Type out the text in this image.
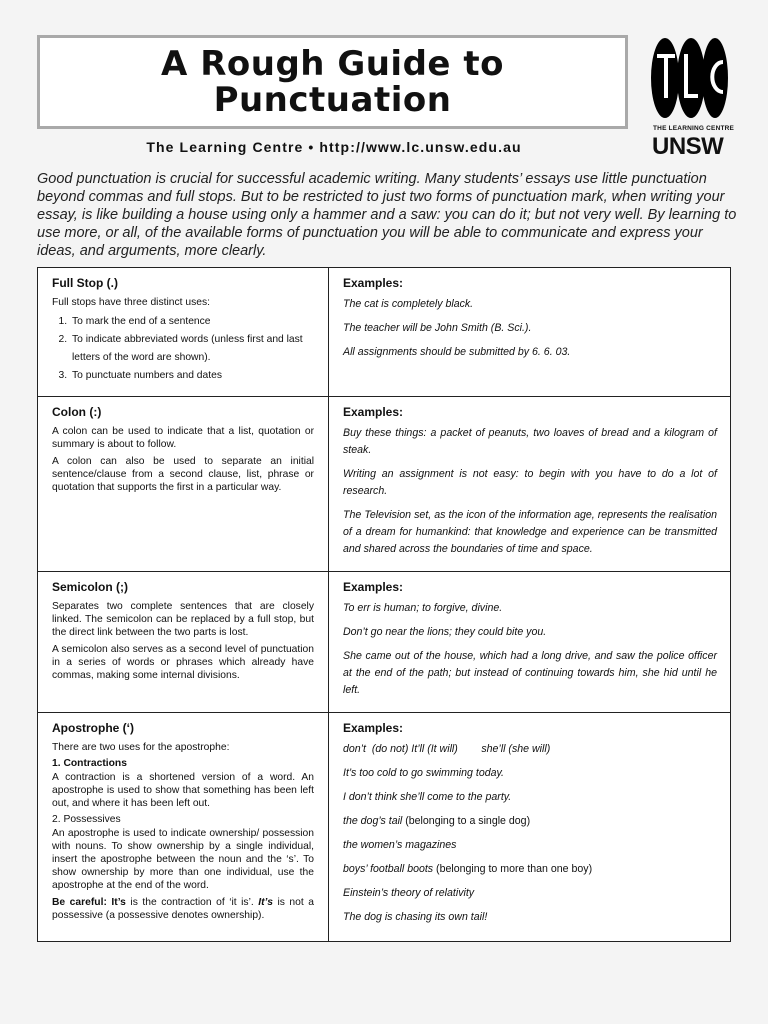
A Rough Guide to
Punctuation
THE LEARNING CENTRE
UNSW
The Learning Centre • http://www.lc.unsw.edu.au
Good punctuation is crucial for successful academic writing. Many students’ essays use little punctuation beyond commas and full stops. But to be restricted to just two forms of punctuation mark, when writing your essay, is like building a house using only a hammer and a saw: you can do it; but not very well. By learning to use more, or all, of the available forms of punctuation you will be able to communicate and express your ideas, and arguments, more clearly.
Full Stop (.)
Full stops have three distinct uses:
1. To mark the end of a sentence
2. To indicate abbreviated words (unless first and last letters of the word are shown).
3. To punctuate numbers and dates
Examples:
The cat is completely black.
The teacher will be John Smith (B. Sci.).
All assignments should be submitted by 6. 6. 03.
Colon (:)
A colon can be used to indicate that a list, quotation or summary is about to follow.
A colon can also be used to separate an initial sentence/clause from a second clause, list, phrase or quotation that supports the first in a particular way.
Examples:
Buy these things: a packet of peanuts, two loaves of bread and a kilogram of steak.
Writing an assignment is not easy: to begin with you have to do a lot of research.
The Television set, as the icon of the information age, represents the realisation of a dream for humankind: that knowledge and experience can be transmitted and shared across the boundaries of time and space.
Semicolon (;)
Separates two complete sentences that are closely linked. The semicolon can be replaced by a full stop, but the direct link between the two parts is lost.
A semicolon also serves as a second level of punctuation in a series of words or phrases which already have commas, making some internal divisions.
Examples:
To err is human; to forgive, divine.
Don’t go near the lions; they could bite you.
She came out of the house, which had a long drive, and saw the police officer at the end of the path; but instead of continuing towards him, she hid until he left.
Apostrophe (‘)
There are two uses for the apostrophe:
1. Contractions
A contraction is a shortened version of a word. An apostrophe is used to show that something has been left out, and where it has been left out.
2. Possessives
An apostrophe is used to indicate ownership/ possession with nouns. To show ownership by a single individual, insert the apostrophe between the noun and the ‘s’. To show ownership by more than one individual, use the apostrophe at the end of the word.
Be careful: It’s is the contraction of ‘it is’. It’s is not a possessive (a possessive denotes ownership).
Examples:
don’t  (do not) It’ll (It will)        she’ll (she will)
It’s too cold to go swimming today.
I don’t think she’ll come to the party.
the dog’s tail (belonging to a single dog)
the women’s magazines
boys’ football boots (belonging to more than one boy)
Einstein’s theory of relativity
The dog is chasing its own tail!
